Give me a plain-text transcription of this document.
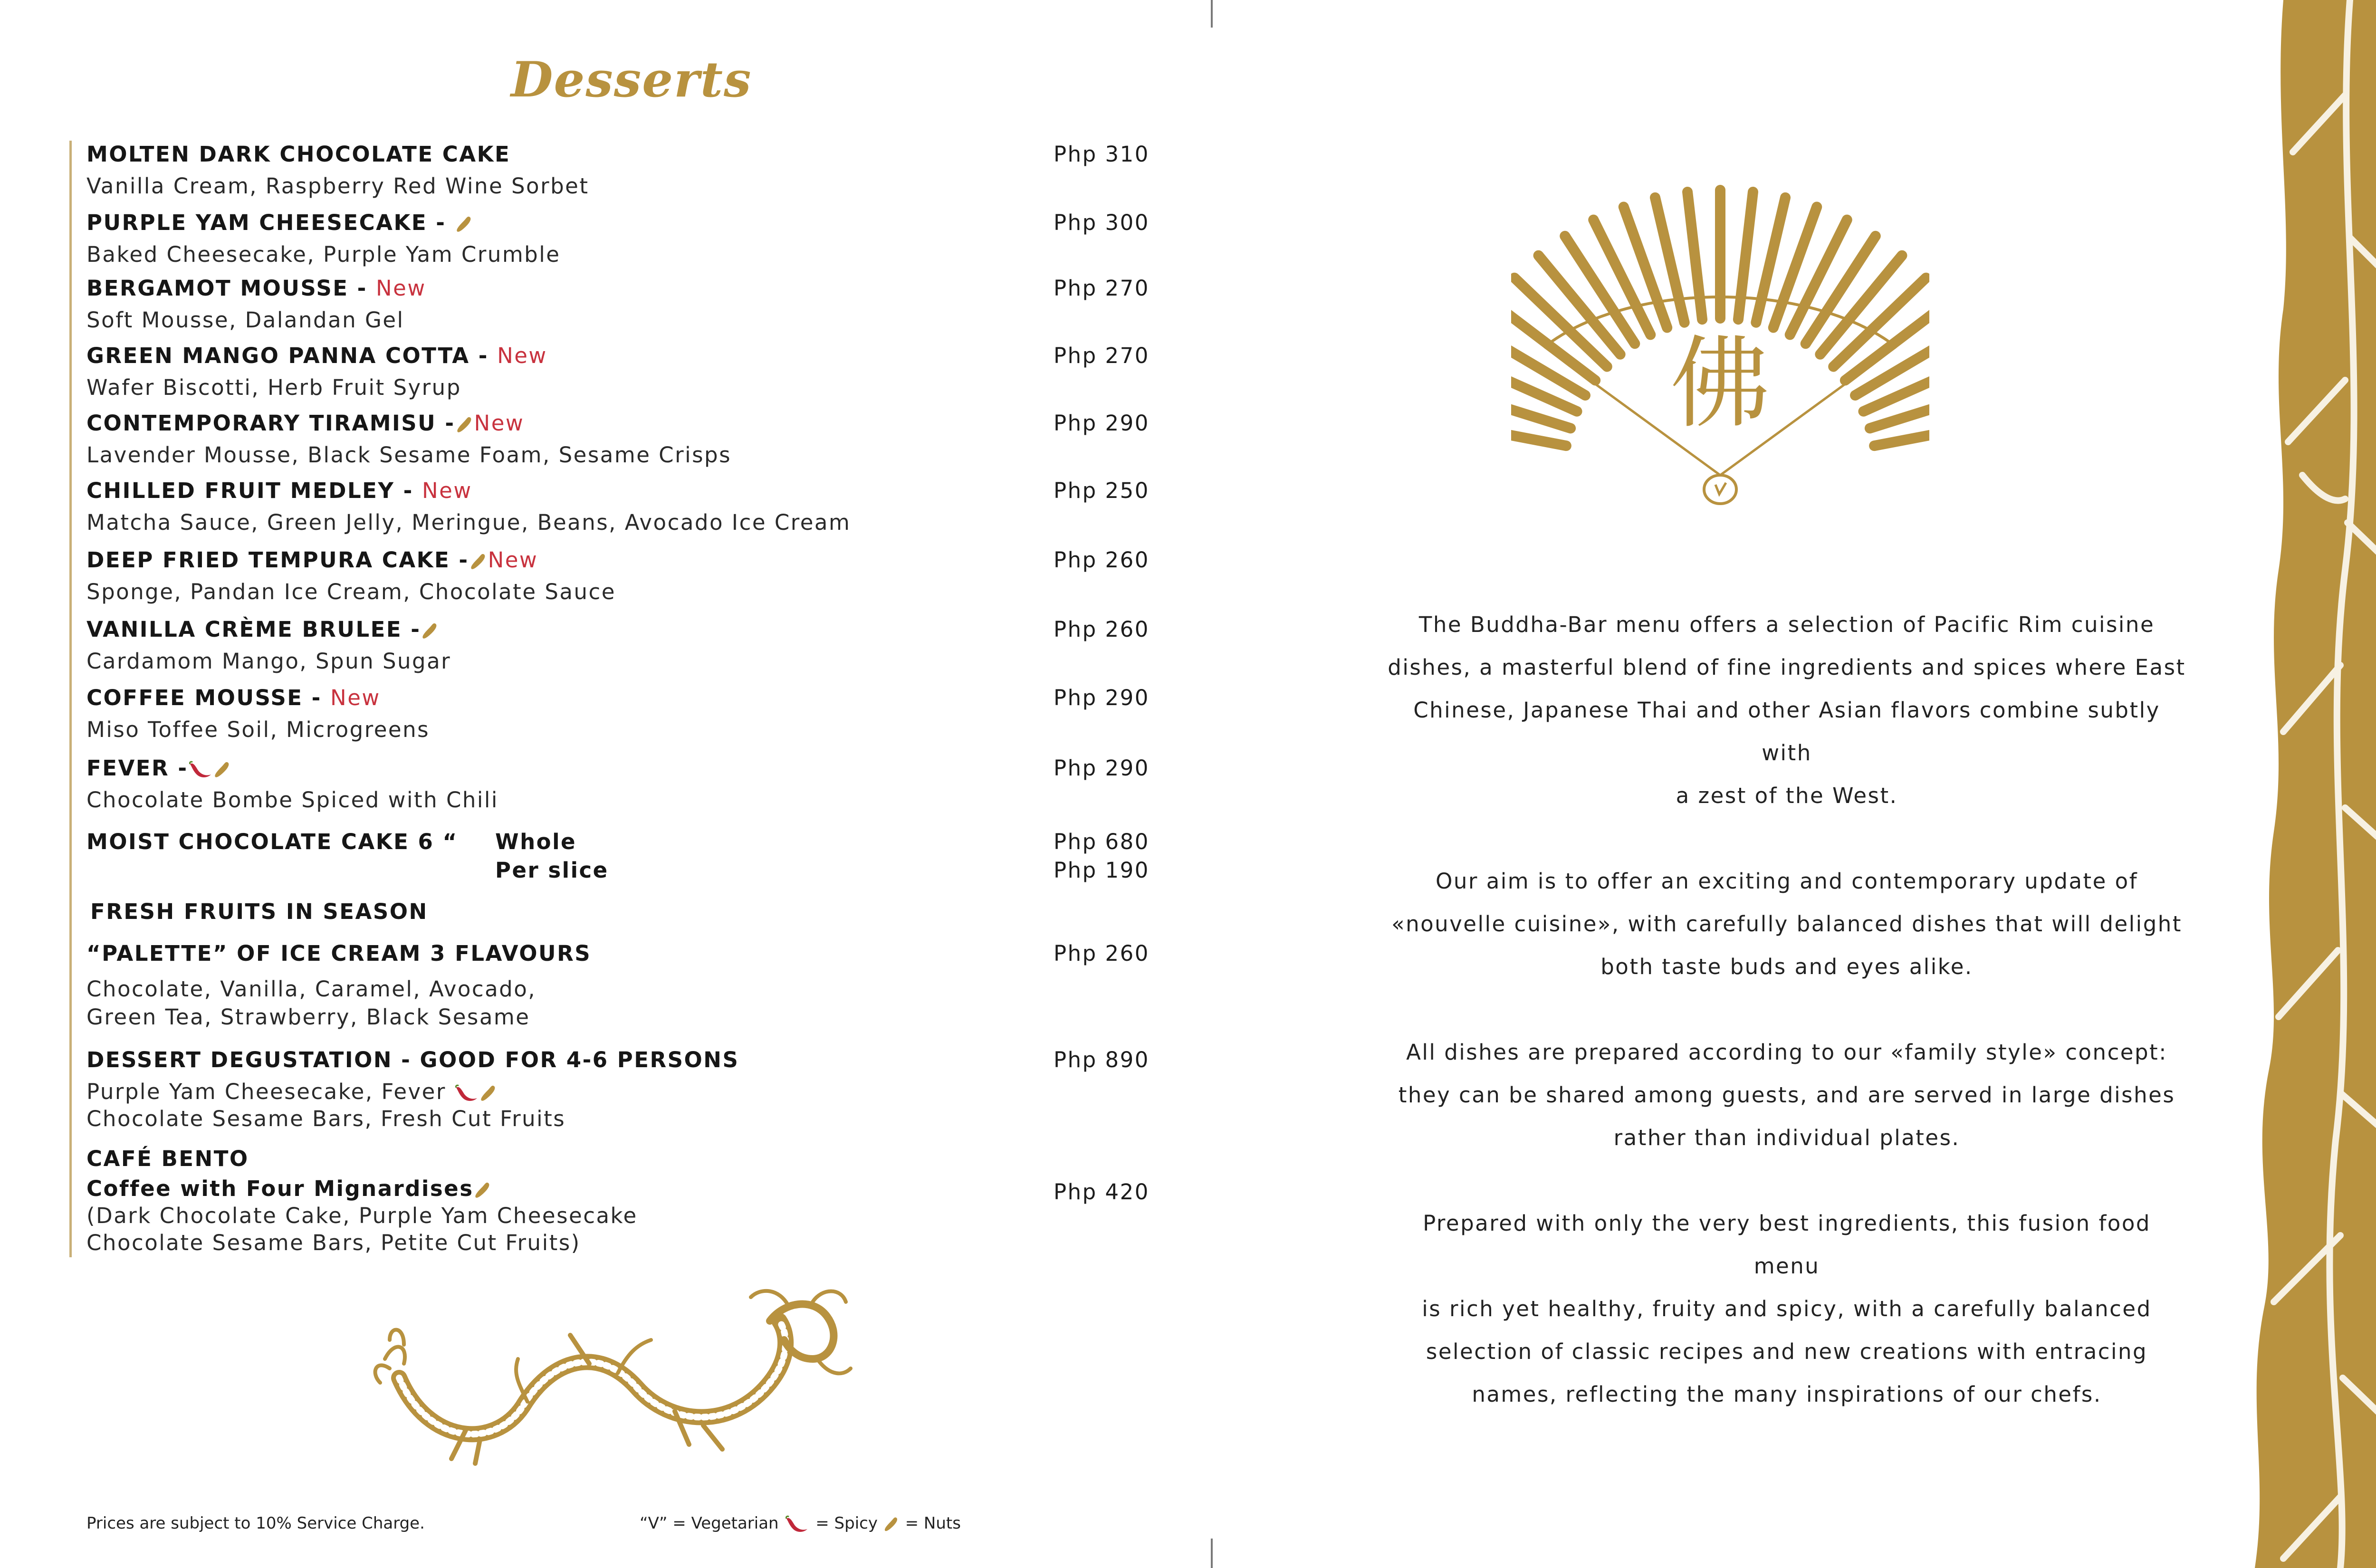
Desserts
MOLTEN DARK CHOCOLATE CAKE
Vanilla Cream, Raspberry Red Wine Sorbet
Php 310
PURPLE YAM CHEESECAKE -
Baked Cheesecake, Purple Yam Crumble
Php 300
BERGAMOT MOUSSE - New
Soft Mousse, Dalandan Gel
Php 270
GREEN MANGO PANNA COTTA - New
Wafer Biscotti, Herb Fruit Syrup
Php 270
CONTEMPORARY TIRAMISU - New
Lavender Mousse, Black Sesame Foam, Sesame Crisps
Php 290
CHILLED FRUIT MEDLEY - New
Matcha Sauce, Green Jelly, Meringue, Beans, Avocado Ice Cream
Php 250
DEEP FRIED TEMPURA CAKE - New
Sponge, Pandan Ice Cream, Chocolate Sauce
Php 260
VANILLA CRÈME BRULEE -
Cardamom Mango, Spun Sugar
Php 260
COFFEE MOUSSE - New
Miso Toffee Soil, Microgreens
Php 290
FEVER -
Chocolate Bombe Spiced with Chili
Php 290
MOIST CHOCOLATE CAKE 6 “	Whole
Per slice
Php 680
Php 190
FRESH FRUITS IN SEASON
“PALETTE” OF ICE CREAM 3 FLAVOURS
Chocolate, Vanilla, Caramel, Avocado,
Green Tea, Strawberry, Black Sesame
Php 260
DESSERT DEGUSTATION - GOOD FOR 4-6 PERSONS
Purple Yam Cheesecake, Fever
Chocolate Sesame Bars, Fresh Cut Fruits
Php 890
CAFÉ BENTO
Coffee with Four Mignardises
(Dark Chocolate Cake, Purple Yam Cheesecake
Chocolate Sesame Bars, Petite Cut Fruits)
Php 420
Prices are subject to 10% Service Charge.	“V” = Vegetarian = Spicy = Nuts
佛

The Buddha-Bar menu offers a selection of Pacific Rim cuisine
dishes, a masterful blend of fine ingredients and spices where East
Chinese, Japanese Thai and other Asian flavors combine subtly with
a zest of the West.

Our aim is to offer an exciting and contemporary update of
«nouvelle cuisine», with carefully balanced dishes that will delight
both taste buds and eyes alike.

All dishes are prepared according to our «family style» concept:
they can be shared among guests, and are served in large dishes
rather than individual plates.

Prepared with only the very best ingredients, this fusion food menu
is rich yet healthy, fruity and spicy, with a carefully balanced
selection of classic recipes and new creations with entracing
names, reflecting the many inspirations of our chefs.
